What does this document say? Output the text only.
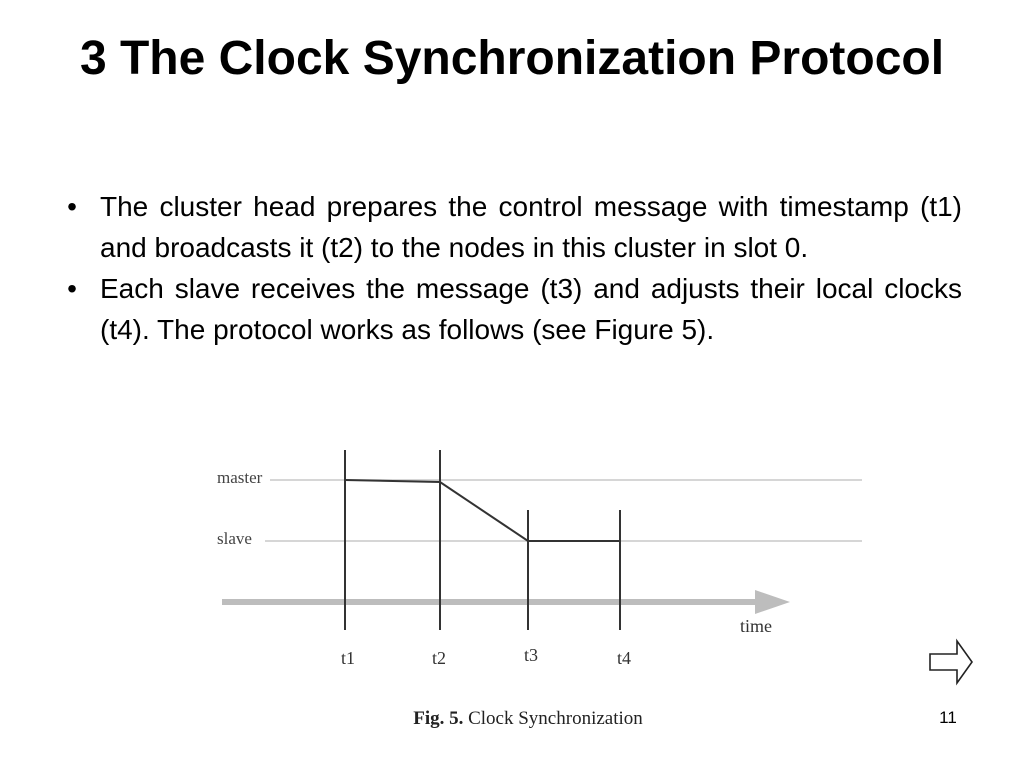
3 The Clock Synchronization Protocol
• The cluster head prepares the control message with timestamp (t1) and broadcasts it (t2) to the nodes in this cluster in slot 0.
• Each slave receives the message (t3) and adjusts their local clocks (t4). The protocol works as follows (see Figure 5).
master
slave
time
t1	t2	t3	t4
Fig. 5. Clock Synchronization	11
